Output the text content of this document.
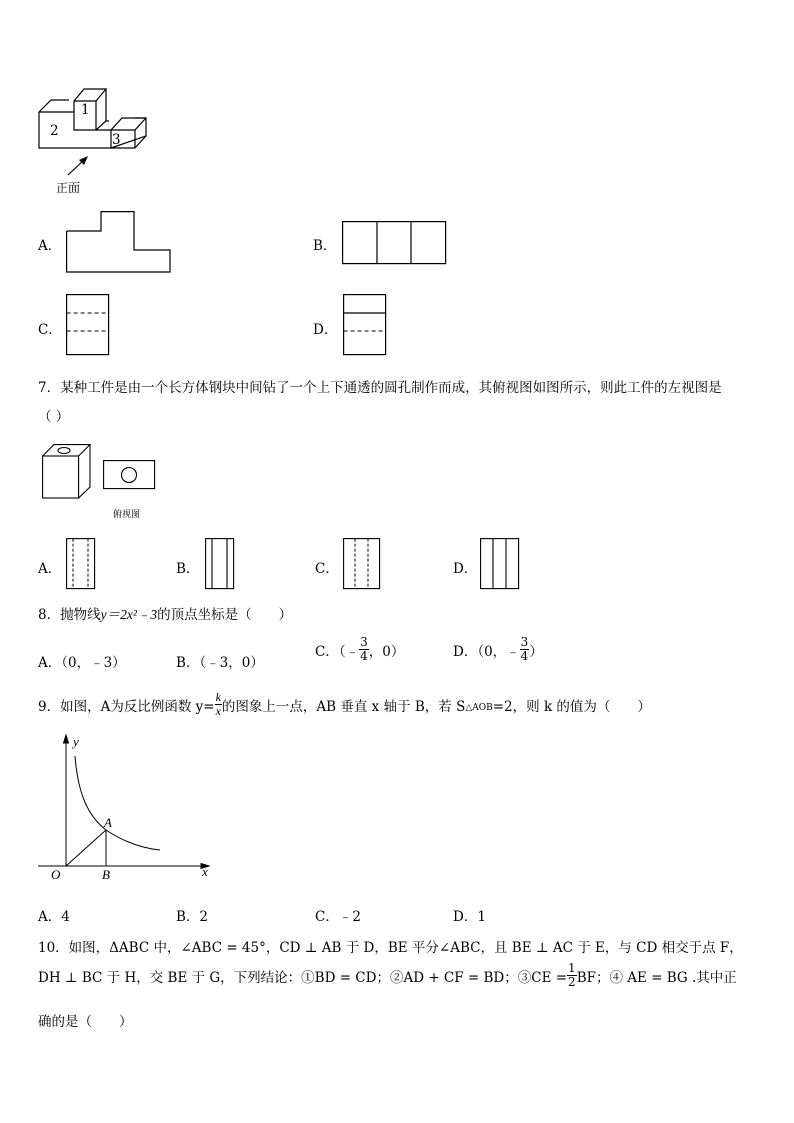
1
2
3
正面
A．	B．
C．	D．
7．某种工件是由一个长方体钢块中间钻了一个上下通透的圆孔制作而成，其俯视图如图所示，则此工件的左视图是
（ ）
俯视图
A．	B．	C．	D．
8．抛物线y＝2x²﹣3的顶点坐标是（　　）
A．（0，﹣3）	B．（﹣3，0）
C．（﹣ $\frac{3}{4}$ ，0）	D．（0，﹣ $\frac{3}{4}$ ）
9．如图，A为反比例函数 $y= \frac{k}{x}$ 的图象上一点，AB 垂直 x 轴于 B，若 S△AOB=2，则 k 的值为（　　）
y
x
O
A
B
A．4	B．2	C．﹣2	D．1
10．如图，ΔABC 中，∠ABC = 45°，CD ⊥ AB 于 D，BE 平分∠ABC，且 BE ⊥ AC 于 E，与 CD 相交于点 F，
DH ⊥ BC 于 H，交 BE 于 G，下列结论：①BD = CD；②AD + CF = BD；③CE = $\frac{1}{2}$ BF；④ AE = BG .其中正
确的是（　　）
